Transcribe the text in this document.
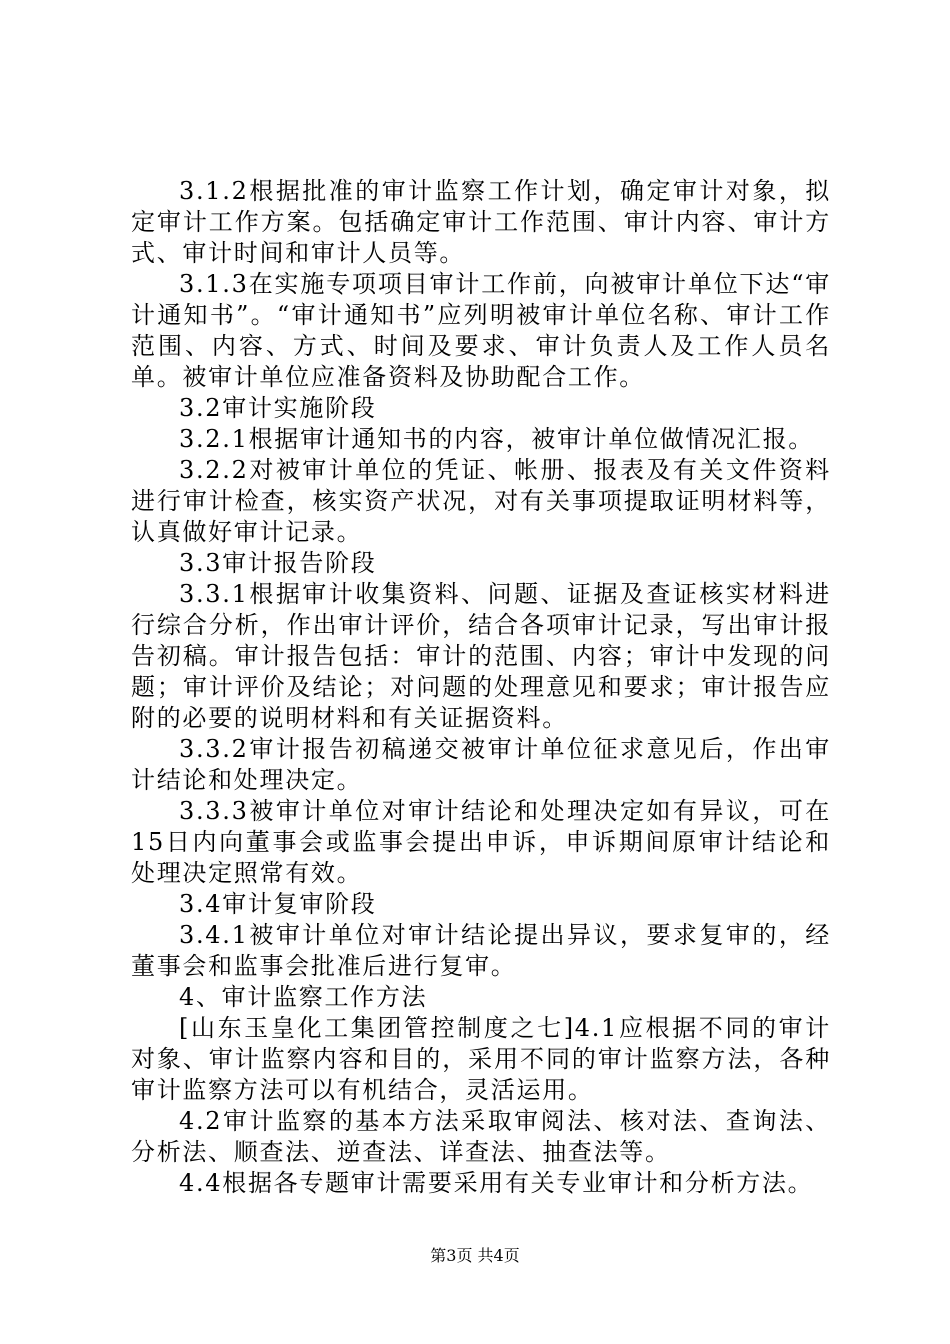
3.1.2根据批准的审计监察工作计划，确定审计对象，拟定审计工作方案。包括确定审计工作范围、审计内容、审计方式、审计时间和审计人员等。

3.1.3在实施专项项目审计工作前，向被审计单位下达“审计通知书”。“审计通知书”应列明被审计单位名称、审计工作范围、内容、方式、时间及要求、审计负责人及工作人员名单。被审计单位应准备资料及协助配合工作。

3.2审计实施阶段

3.2.1根据审计通知书的内容，被审计单位做情况汇报。

3.2.2对被审计单位的凭证、帐册、报表及有关文件资料进行审计检查，核实资产状况，对有关事项提取证明材料等，认真做好审计记录。

3.3审计报告阶段

3.3.1根据审计收集资料、问题、证据及查证核实材料进行综合分析，作出审计评价，结合各项审计记录，写出审计报告初稿。审计报告包括：审计的范围、内容；审计中发现的问题；审计评价及结论；对问题的处理意见和要求；审计报告应附的必要的说明材料和有关证据资料。

3.3.2审计报告初稿递交被审计单位征求意见后，作出审计结论和处理决定。

3.3.3被审计单位对审计结论和处理决定如有异议，可在15日内向董事会或监事会提出申诉，申诉期间原审计结论和处理决定照常有效。

3.4审计复审阶段

3.4.1被审计单位对审计结论提出异议，要求复审的，经董事会和监事会批准后进行复审。

4、审计监察工作方法

[山东玉皇化工集团管控制度之七]4.1应根据不同的审计对象、审计监察内容和目的，采用不同的审计监察方法，各种审计监察方法可以有机结合，灵活运用。

4.2审计监察的基本方法采取审阅法、核对法、查询法、分析法、顺查法、逆查法、详查法、抽查法等。

4.4根据各专题审计需要采用有关专业审计和分析方法。

第3页 共4页
